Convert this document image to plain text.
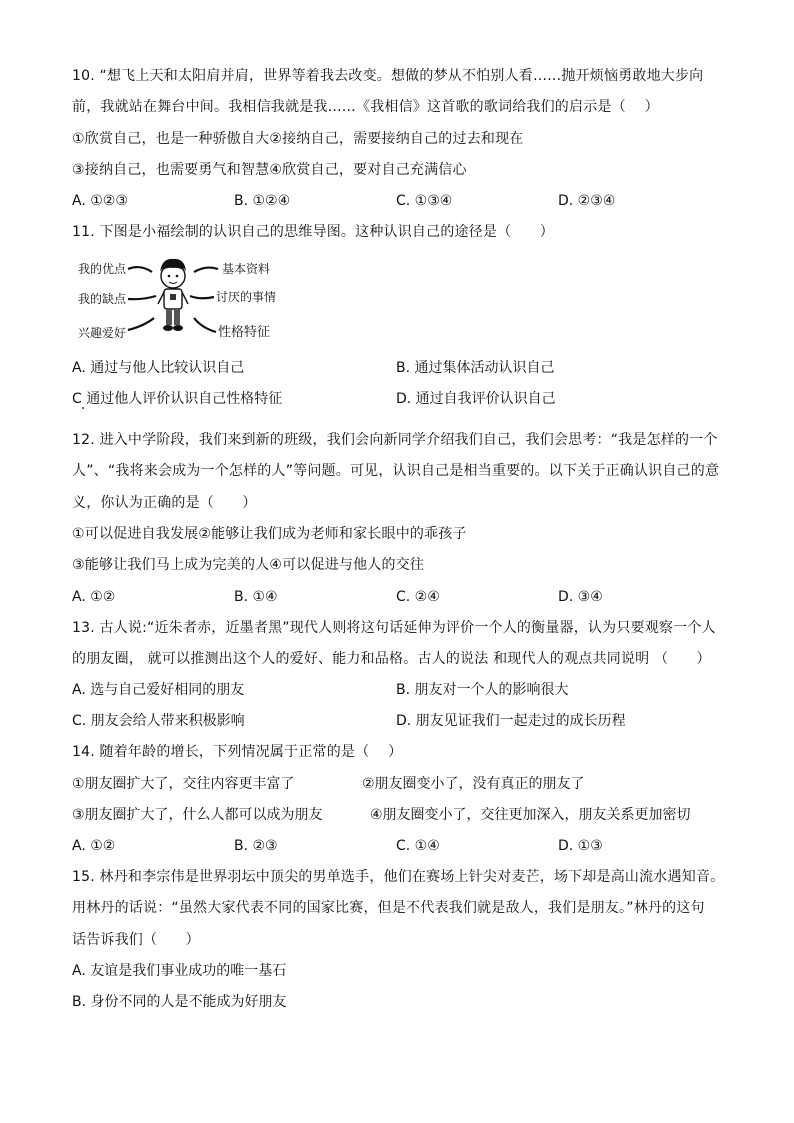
10. “想飞上天和太阳肩并肩，世界等着我去改变。想做的梦从不怕别人看……抛开烦恼勇敢地大步向
前，我就站在舞台中间。我相信我就是我……《我相信》这首歌的歌词给我们的启示是（　 ）
①欣赏自己，也是一种骄傲自大②接纳自己，需要接纳自己的过去和现在
③接纳自己，也需要勇气和智慧④欣赏自己，要对自己充满信心
A. ①②③	B. ①②④	C. ①③④	D. ②③④
11. 下图是小福绘制的认识自己的思维导图。这种认识自己的途径是（　　）
我的优点
我的缺点
兴趣爱好
基本资料
讨厌的事情
性格特征
A. 通过与他人比较认识自己	B. 通过集体活动认识自己
C 通过他人评价认识自己性格特征	D. 通过自我评价认识自己
12. 进入中学阶段，我们来到新的班级，我们会向新同学介绍我们自己，我们会思考：“我是怎样的一个
人”、“我将来会成为一个怎样的人”等问题。可见，认识自己是相当重要的。以下关于正确认识自己的意
义，你认为正确的是（　　）
①可以促进自我发展②能够让我们成为老师和家长眼中的乖孩子
③能够让我们马上成为完美的人④可以促进与他人的交往
A. ①②	B. ①④	C. ②④	D. ③④
13. 古人说:“近朱者赤，近墨者黑”现代人则将这句话延伸为评价一个人的衡量器，认为只要观察一个人
的朋友圈， 就可以推测出这个人的爱好、能力和品格。古人的说法 和现代人的观点共同说明 （　　）
A. 选与自己爱好相同的朋友	B. 朋友对一个人的影响很大
C. 朋友会给人带来积极影响	D. 朋友见证我们一起走过的成长历程
14. 随着年龄的增长，下列情况属于正常的是（　 ）
①朋友圈扩大了，交往内容更丰富了	②朋友圈变小了，没有真正的朋友了
③朋友圈扩大了，什么人都可以成为朋友	④朋友圈变小了，交往更加深入，朋友关系更加密切
A. ①②	B. ②③	C. ①④	D. ①③
15. 林丹和李宗伟是世界羽坛中顶尖的男单选手，他们在赛场上针尖对麦芒，场下却是高山流水遇知音。
用林丹的话说：“虽然大家代表不同的国家比赛，但是不代表我们就是敌人，我们是朋友。”林丹的这句
话告诉我们（　　）
A. 友谊是我们事业成功的唯一基石
B. 身份不同的人是不能成为好朋友
